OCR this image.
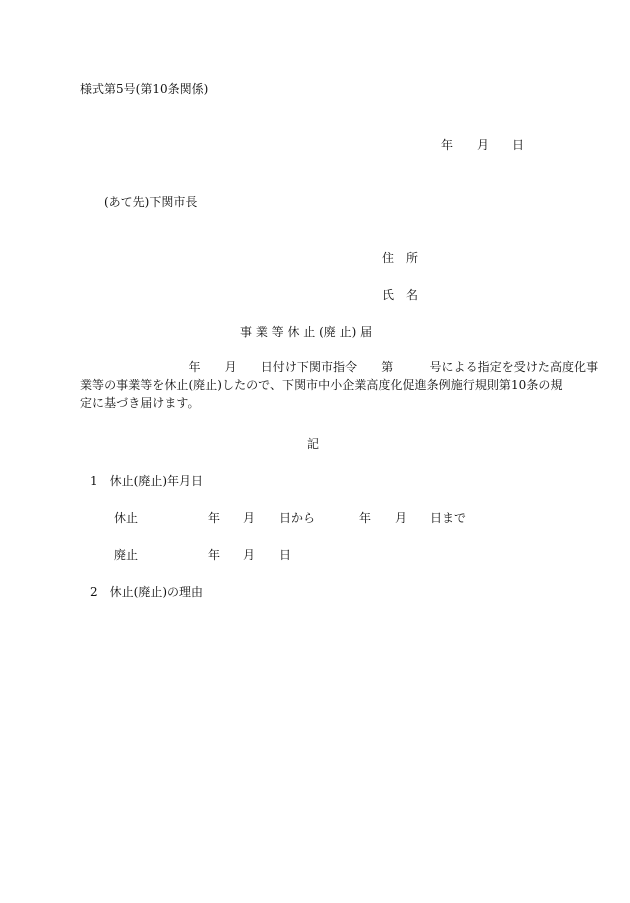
様式第5号(第10条関係)
年 月 日
(あて先)下関市長
住　所
氏　名
事 業 等 休 止 (廃 止) 届
　　　　　　　　　年　　月　　日付け下関市指令　　第　　　号による指定を受けた高度化事
業等の事業等を休止(廃止)したので、下関市中小企業高度化促進条例施行規則第10条の規
定に基づき届けます。
記
1　休止(廃止)年月日
休止	年 月 日から	年 月 日まで
廃止	年 月 日
2　休止(廃止)の理由
